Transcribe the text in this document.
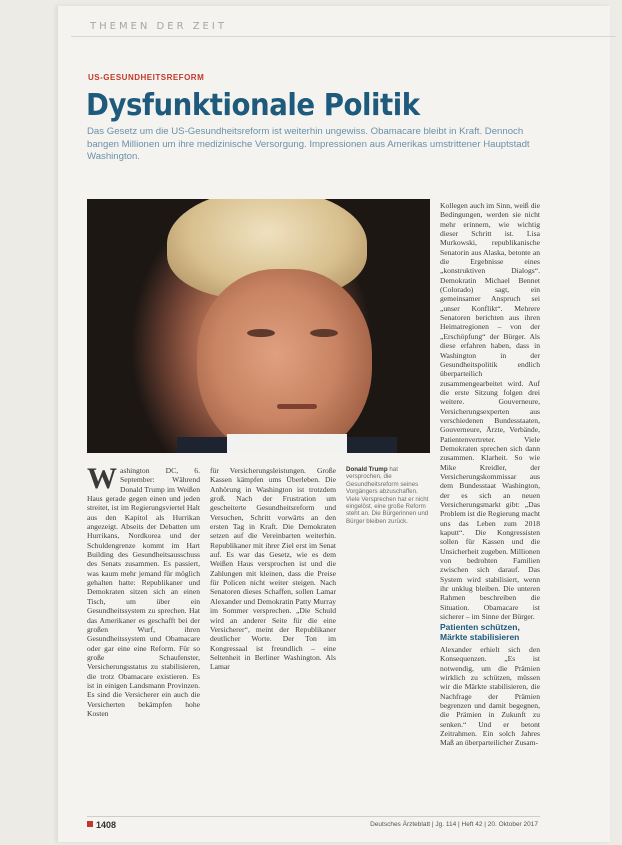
THEMEN DER ZEIT
US-GESUNDHEITSREFORM
Dysfunktionale Politik
Das Gesetz um die US-Gesundheitsreform ist weiterhin ungewiss. Obamacare bleibt in Kraft. Dennoch bangen Millionen um ihre medizinische Versorgung. Impressionen aus Amerikas umstrittener Hauptstadt Washington.
Washington DC, 6. September: Während Donald Trump im Weißen Haus gerade gegen einen und jeden streitet, ist im Regierungsviertel Halt aus den Kapitol als Hurrikan angezeigt. Abseits der Debatten um Hurrikans, Nordkorea und der Schuldengrenze kommt im Hart Building des Gesundheitsausschuss des Senats zusammen. Es passiert, was kaum mehr jemand für möglich gehalten hatte: Republikaner und Demokraten sitzen sich an einen Tisch, um über ein Gesundheitssystem zu sprechen. Hat das Amerikaner es geschafft bei der großen Wurf, ihren Gesundheitssystem und Obamacare oder gar eine eine Reform. Für so große Schaufenster, Versicherungsstatus zu stabilisieren, die trotz Obamacare existieren. Es ist in einigen Landsmann Provinzen. Es sind die Versicherer ein auch die Versicherten bekämpfen hohe Kosten
für Versicherungsleistungen. Große Kassen kämpfen ums Überleben. Die Anhörung in Washington ist trotzdem groß. Nach der Frustration um gescheiterte Gesundheitsreform und Versuchen, Schritt vorwärts an den ersten Tag in Kraft. Die Demokraten setzen auf die Vereinbarten weiterhin. Republikaner mit ihrer Ziel erst im Senat auf. Es war das Gesetz, wie es dem Weißen Haus versprochen ist und die Zahlungen mit kleinen, dass die Preise für Policen nicht weiter steigen. Nach Senatoren dieses Schaffen, sollen Lamar Alexander und Demokratin Patty Murray im Sommer versprechen. „Die Schuld wird an anderer Seite für die eine Versicherer“, meint der Republikaner deutlicher Worte. Der Ton im Kongressaal ist freundlich – eine Seltenheit in Berliner Washington. Als Lamar
Donald Trump hat versprochen, die Gesundheitsreform seines Vorgängers abzuschaffen. Viele Versprechen hat er nicht eingelöst, eine große Reform steht an. Die Bürgerinnen und Bürger bleiben zurück.
Kollegen auch im Sinn, weiß die Bedingungen, werden sie nicht mehr erinnern, wie wichtig dieser Schritt ist. Lisa Murkowski, republikanische Senatorin aus Alaska, betonte an die Ergebnisse eines „konstruktiven Dialogs“. Demokratin Michael Bennet (Colorado) sagt, ein gemeinsamer Anspruch sei „unser Konflikt“. Mehrere Senatoren berichten aus ihren Heimatregionen – von der „Erschöpfung“ der Bürger. Als diese erfahren haben, dass in Washington in der Gesundheitspolitik endlich überparteilich zusammengearbeitet wird. Auf die erste Sitzung folgen drei weitere. Gouverneure, Versicherungsexperten aus verschiedenen Bundesstaaten, Gouverneure, Ärzte, Verbände, Patientenvertreter. Viele Demokraten sprechen sich dann zusammen. Klarheit. So wie Mike Kreidler, der Versicherungskommissar aus dem Bundesstaat Washington, der es sich an neuen Versicherungsmarkt gibt: „Das Problem ist die Regierung macht uns das Leben zum 2018 kaputt“. Die Kongressisten sollen für Kassen und die Unsicherheit zugeben. Millionen von bedrohten Familien zwischen sich darauf. Das System wird stabilisiert, wenn ihr unklug bleiben. Die unteren Rahmen beschreiben die Situation. Obamacare ist sicherer – im Sinne der Bürger.
Patienten schützen, Märkte stabilisieren
Alexander erhielt sich den Konsequenzen. „Es ist notwendig, um die Prämien wirklich zu schützen, müssen wir die Märkte stabilisieren, die Nachfrage der Prämien begrenzen und damit begegnen, die Prämien in Zukunft zu senken.“ Und er betont Zeitrahmen. Ein solch Jahres Maß an überparteilicher Zusam-
1408	Deutsches Ärzteblatt | Jg. 114 | Heft 42 | 20. Oktober 2017
